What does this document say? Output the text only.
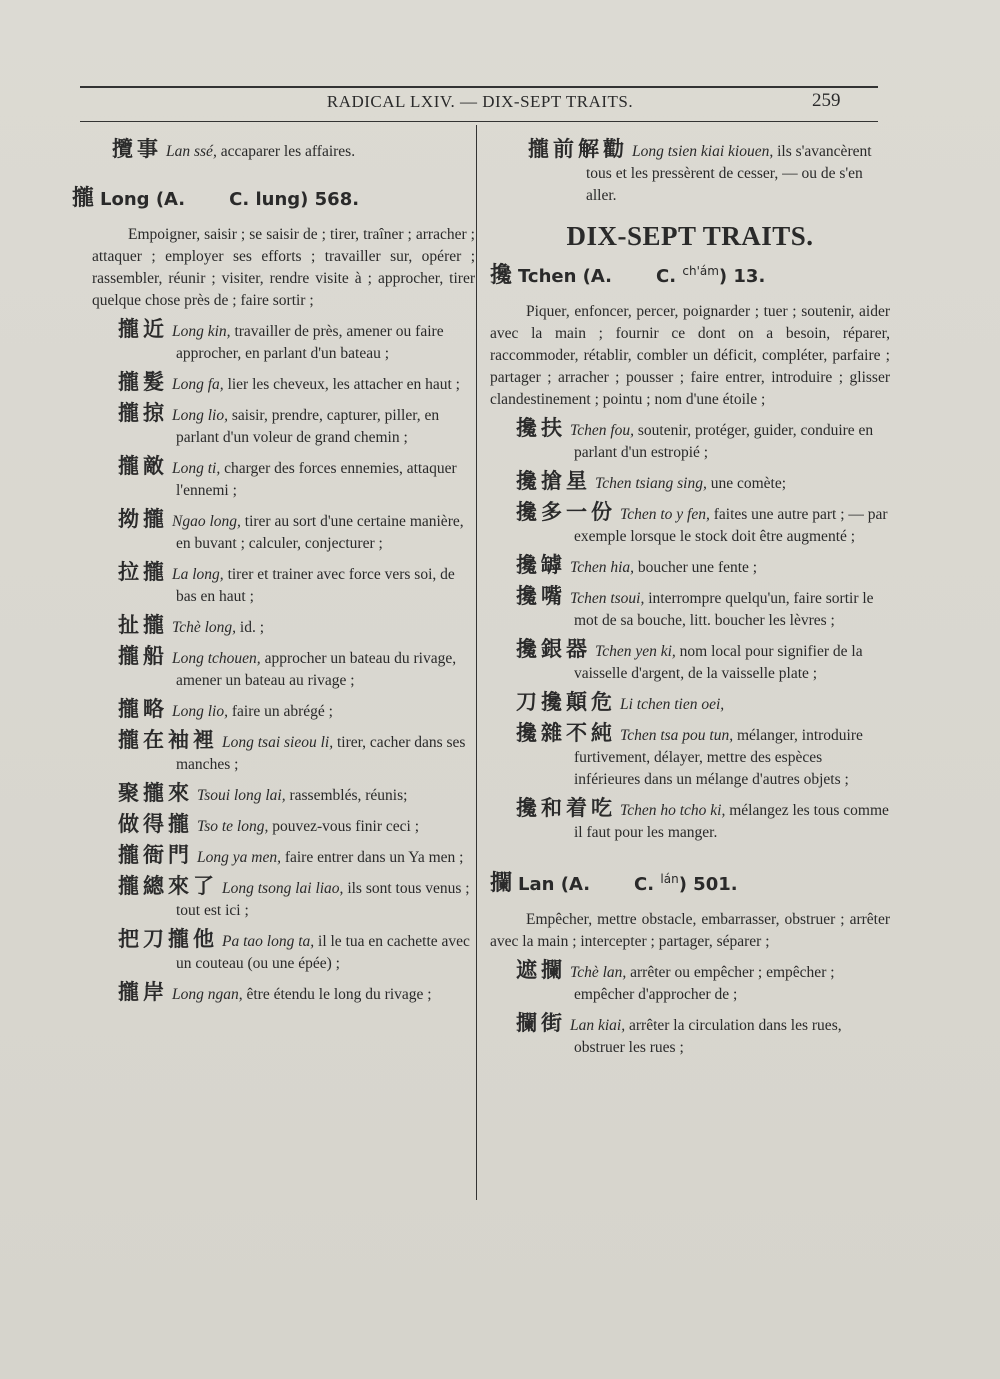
RADICAL LXIV. — DIX-SEPT TRAITS.	259
攬事 Lan ssé, accaparer les affaires.
攏 Long (A. C. lung) 568.
Empoigner, saisir ; se saisir de ; tirer, traîner ; arracher ; attaquer ; employer ses efforts ; travailler sur, opérer ; rassembler, réunir ; visiter, rendre visite à ; approcher, tirer quelque chose près de ; faire sortir ;
攏近 Long kin, travailler de près, amener ou faire approcher, en parlant d'un bateau ;
攏髮 Long fa, lier les cheveux, les attacher en haut ;
攏掠 Long lio, saisir, prendre, capturer, piller, en parlant d'un voleur de grand chemin ;
攏敵 Long ti, charger des forces ennemies, attaquer l'ennemi ;
拗攏 Ngao long, tirer au sort d'une certaine manière, en buvant ; calculer, conjecturer ;
拉攏 La long, tirer et trainer avec force vers soi, de bas en haut ;
扯攏 Tchè long, id. ;
攏船 Long tchouen, approcher un bateau du rivage, amener un bateau au rivage ;
攏略 Long lio, faire un abrégé ;
攏在袖裡 Long tsai sieou li, tirer, cacher dans ses manches ;
聚攏來 Tsoui long lai, rassemblés, réunis;
做得攏 Tso te long, pouvez-vous finir ceci ;
攏衙門 Long ya men, faire entrer dans un Ya men ;
攏總來了 Long tsong lai liao, ils sont tous venus ; tout est ici ;
把刀攏他 Pa tao long ta, il le tua en cachette avec un couteau (ou une épée) ;
攏岸 Long ngan, être étendu le long du rivage ;
攏前解勸 Long tsien kiai kiouen, ils s'avancèrent tous et les pressèrent de cesser, — ou de s'en aller.
DIX-SEPT TRAITS.
攙 Tchen (A. C. $^{ch'ám}$) 13.
Piquer, enfoncer, percer, poignarder ; tuer ; soutenir, aider avec la main ; fournir ce dont on a besoin, réparer, raccommoder, rétablir, combler un déficit, compléter, parfaire ; partager ; arracher ; pousser ; faire entrer, introduire ; glisser clandestinement ; pointu ; nom d'une étoile ;
攙扶 Tchen fou, soutenir, protéger, guider, conduire en parlant d'un estropié ;
攙搶星 Tchen tsiang sing, une comète;
攙多一份 Tchen to y fen, faites une autre part ; — par exemple lorsque le stock doit être augmenté ;
攙罅 Tchen hia, boucher une fente ;
攙嘴 Tchen tsoui, interrompre quelqu'un, faire sortir le mot de sa bouche, litt. boucher les lèvres ;
攙銀器 Tchen yen ki, nom local pour signifier de la vaisselle d'argent, de la vaisselle plate ;
刀攙顛危 Li tchen tien oei,
攙雜不純 Tchen tsa pou tun, mélanger, introduire furtivement, délayer, mettre des espèces inférieures dans un mélange d'autres objets ;
攙和着吃 Tchen ho tcho ki, mélangez les tous comme il faut pour les manger.
攔 Lan (A. C. $^{lán}$) 501.
Empêcher, mettre obstacle, embarrasser, obstruer ; arrêter avec la main ; intercepter ; partager, séparer ;
遮攔 Tchè lan, arrêter ou empêcher ; empêcher ; empêcher d'approcher de ;
攔街 Lan kiai, arrêter la circulation dans les rues, obstruer les rues ;
